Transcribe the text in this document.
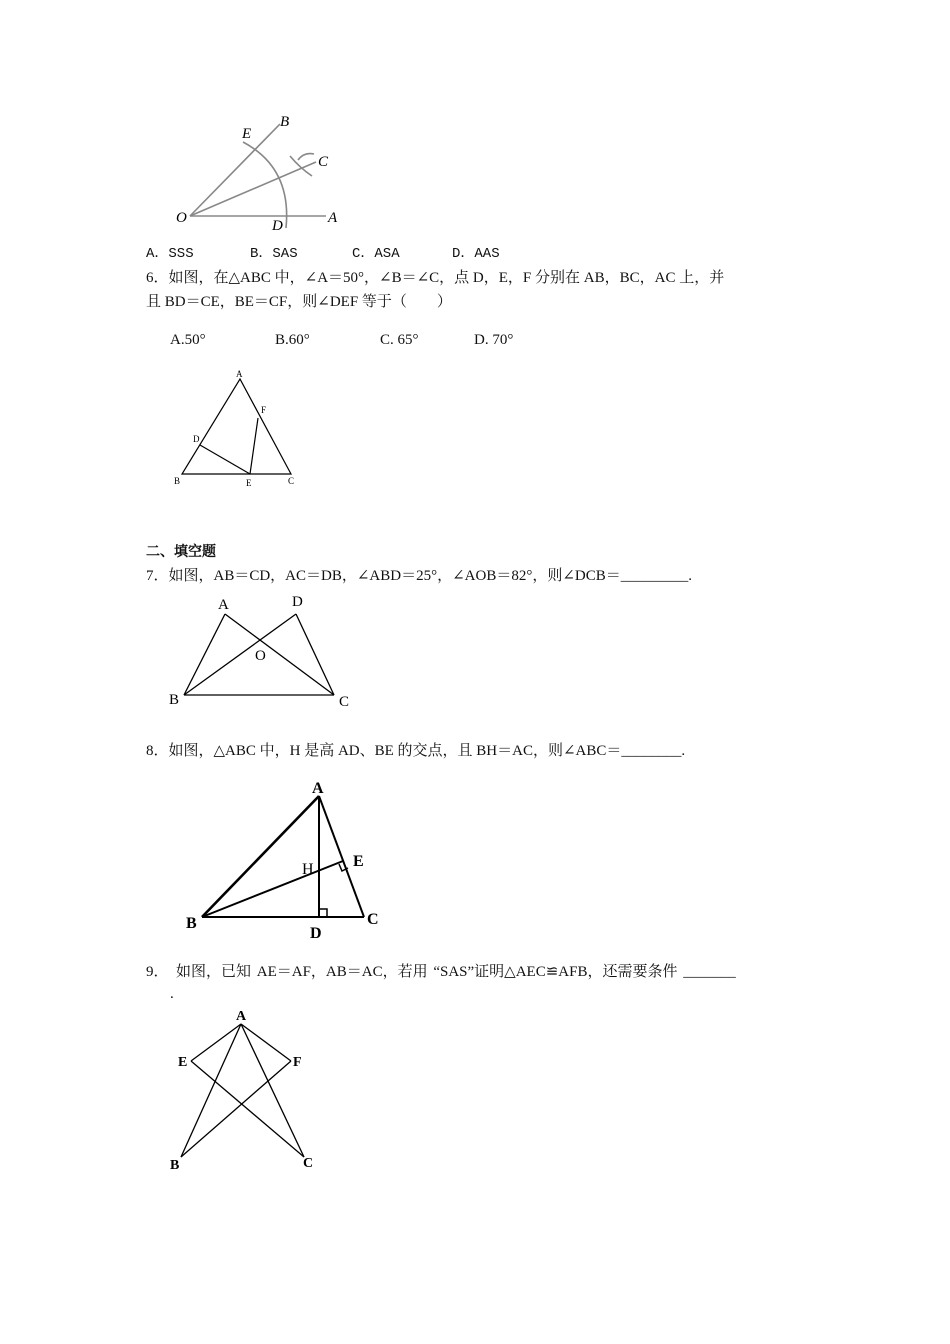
O	A
B
C
D
E
A．SSS	B．SAS	C．ASA	D．AAS
6．如图，在△ABC 中，∠A＝50°，∠B＝∠C，点 D，E，F 分别在 AB，BC，AC 上，并
且 BD＝CE，BE＝CF，则∠DEF 等于（　　）
A.50°	B.60°	C. 65°	D. 70°
A
B	C
D
E
F
二、填空题
7．如图，AB＝CD，AC＝DB，∠ABD＝25°，∠AOB＝82°，则∠DCB＝_________.
A	D
O
B	C
8．如图，△ABC 中，H 是高 AD、BE 的交点，且 BH＝AC，则∠ABC＝________.
A
B	C
D
E
H
9．　如图，已知 AE＝AF，AB＝AC，若用 “SAS”证明△AEC≌AFB，还需要条件 _______
.
A
E	F
B	C
